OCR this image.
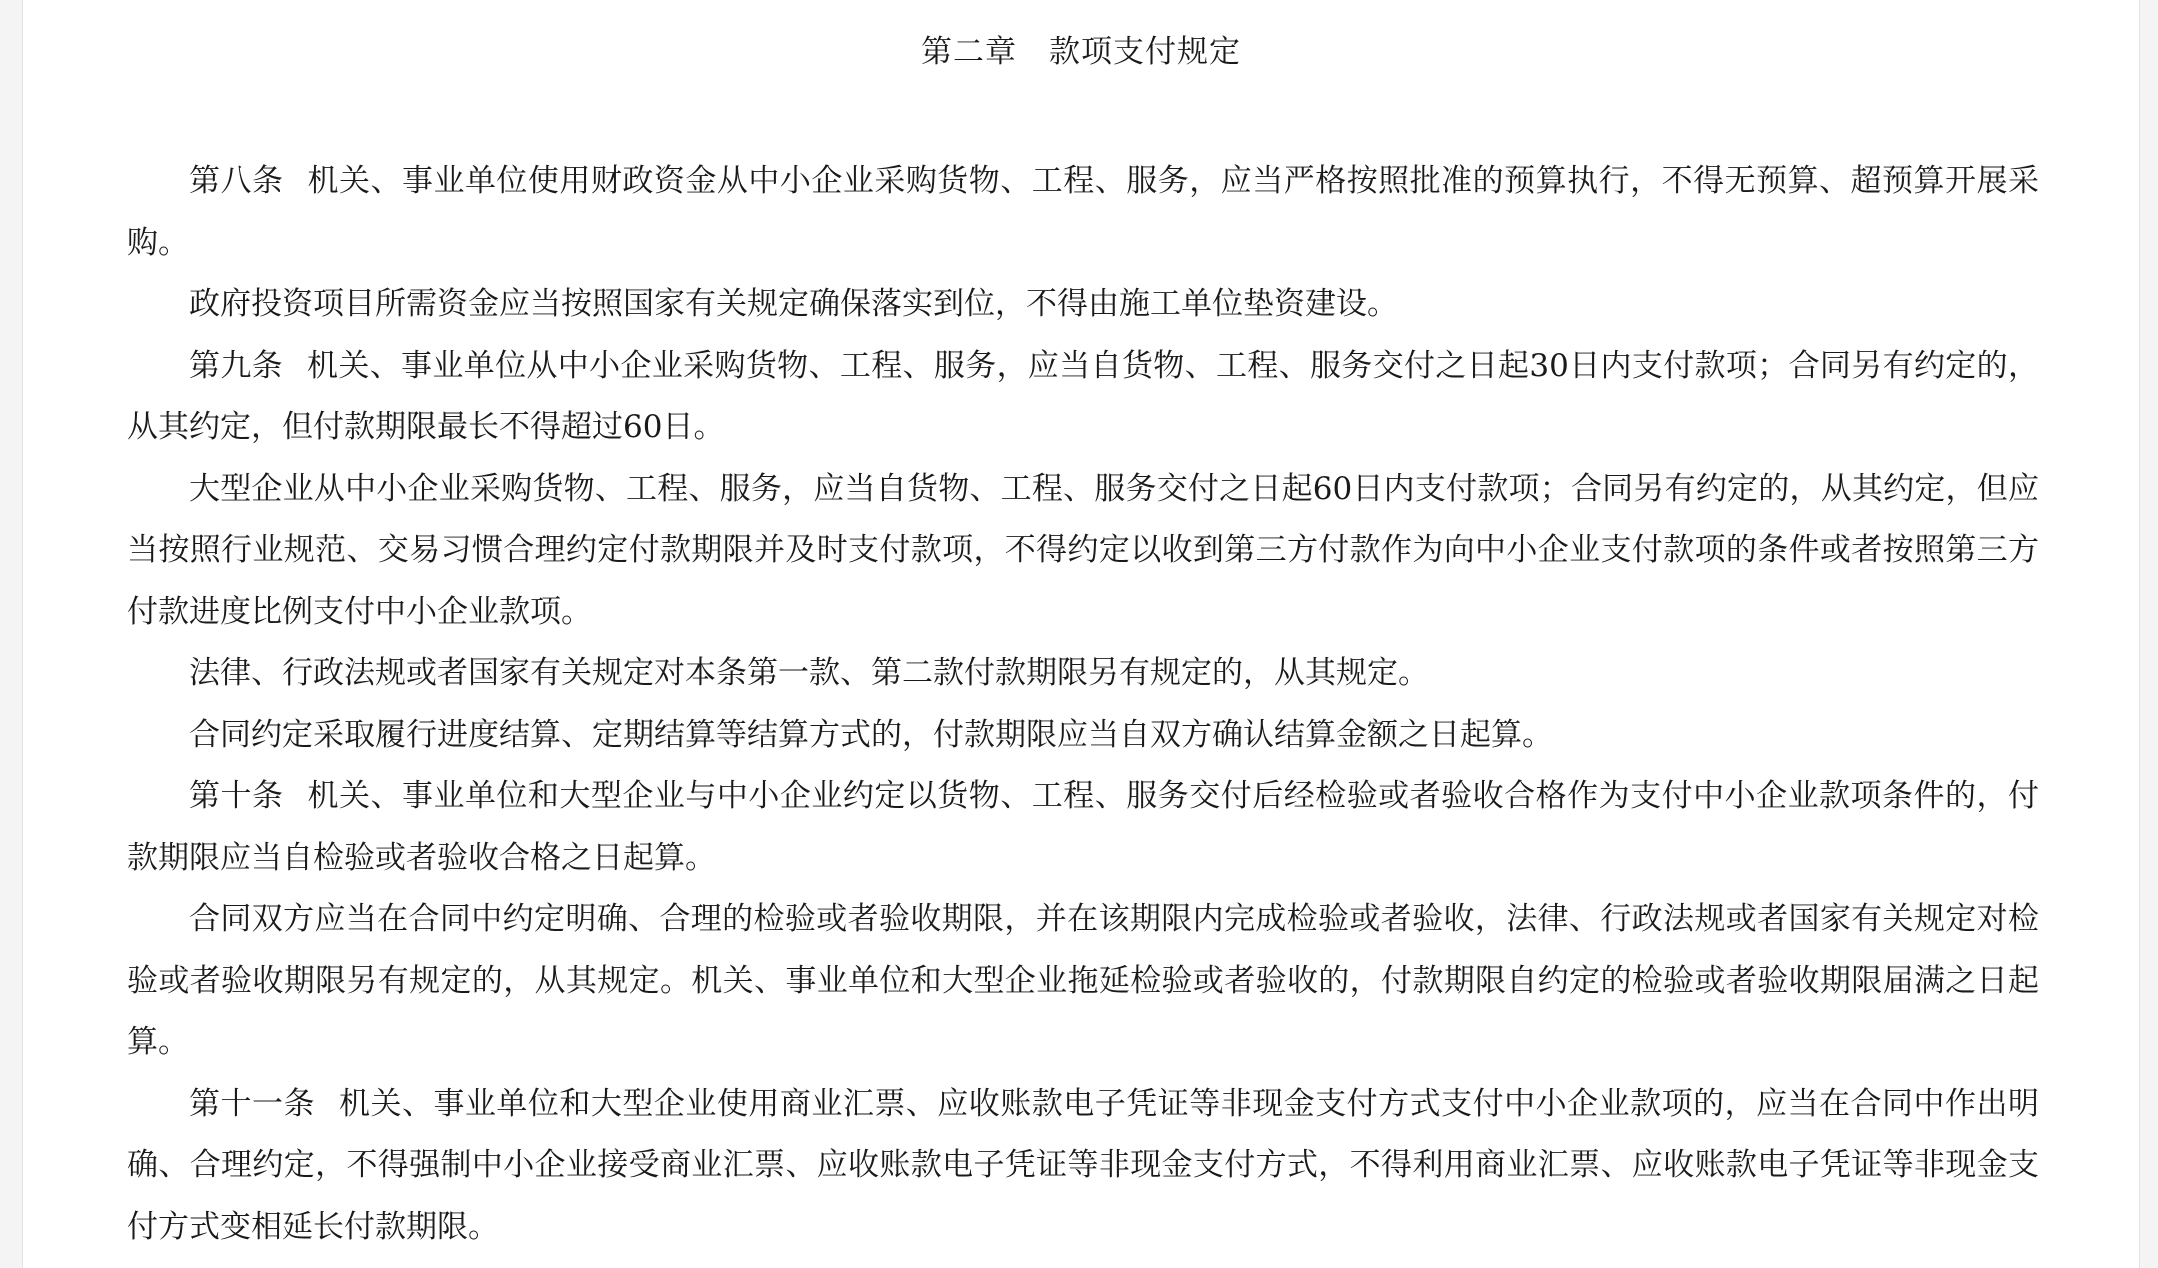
第二章　款项支付规定

第八条 机关、事业单位使用财政资金从中小企业采购货物、工程、服务，应当严格按照批准的预算执行，不得无预算、超预算开展采购。

政府投资项目所需资金应当按照国家有关规定确保落实到位，不得由施工单位垫资建设。

第九条 机关、事业单位从中小企业采购货物、工程、服务，应当自货物、工程、服务交付之日起30日内支付款项；合同另有约定的，从其约定，但付款期限最长不得超过60日。

大型企业从中小企业采购货物、工程、服务，应当自货物、工程、服务交付之日起60日内支付款项；合同另有约定的，从其约定，但应当按照行业规范、交易习惯合理约定付款期限并及时支付款项，不得约定以收到第三方付款作为向中小企业支付款项的条件或者按照第三方付款进度比例支付中小企业款项。

法律、行政法规或者国家有关规定对本条第一款、第二款付款期限另有规定的，从其规定。

合同约定采取履行进度结算、定期结算等结算方式的，付款期限应当自双方确认结算金额之日起算。

第十条 机关、事业单位和大型企业与中小企业约定以货物、工程、服务交付后经检验或者验收合格作为支付中小企业款项条件的，付款期限应当自检验或者验收合格之日起算。

合同双方应当在合同中约定明确、合理的检验或者验收期限，并在该期限内完成检验或者验收，法律、行政法规或者国家有关规定对检验或者验收期限另有规定的，从其规定。机关、事业单位和大型企业拖延检验或者验收的，付款期限自约定的检验或者验收期限届满之日起算。

第十一条 机关、事业单位和大型企业使用商业汇票、应收账款电子凭证等非现金支付方式支付中小企业款项的，应当在合同中作出明确、合理约定，不得强制中小企业接受商业汇票、应收账款电子凭证等非现金支付方式，不得利用商业汇票、应收账款电子凭证等非现金支付方式变相延长付款期限。
